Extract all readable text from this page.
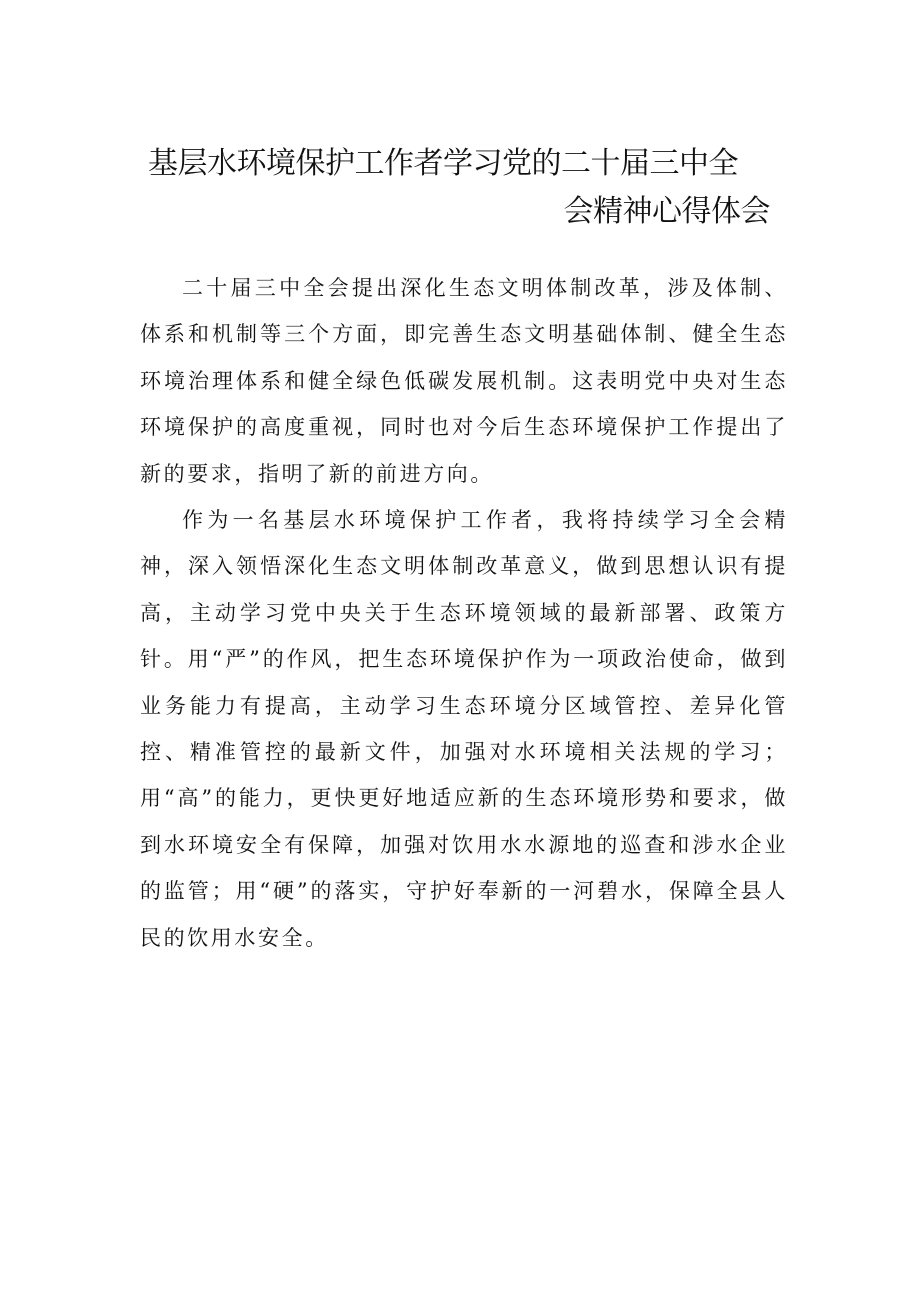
基层水环境保护工作者学习党的二十届三中全
会精神心得体会

二十届三中全会提出深化生态文明体制改革，涉及体制、体系和机制等三个方面，即完善生态文明基础体制、健全生态环境治理体系和健全绿色低碳发展机制。这表明党中央对生态环境保护的高度重视，同时也对今后生态环境保护工作提出了新的要求，指明了新的前进方向。

作为一名基层水环境保护工作者，我将持续学习全会精神，深入领悟深化生态文明体制改革意义，做到思想认识有提高，主动学习党中央关于生态环境领域的最新部署、政策方针。用“严”的作风，把生态环境保护作为一项政治使命，做到业务能力有提高，主动学习生态环境分区域管控、差异化管控、精准管控的最新文件，加强对水环境相关法规的学习；用“高”的能力，更快更好地适应新的生态环境形势和要求，做到水环境安全有保障，加强对饮用水水源地的巡查和涉水企业的监管；用“硬”的落实，守护好奉新的一河碧水，保障全县人民的饮用水安全。
